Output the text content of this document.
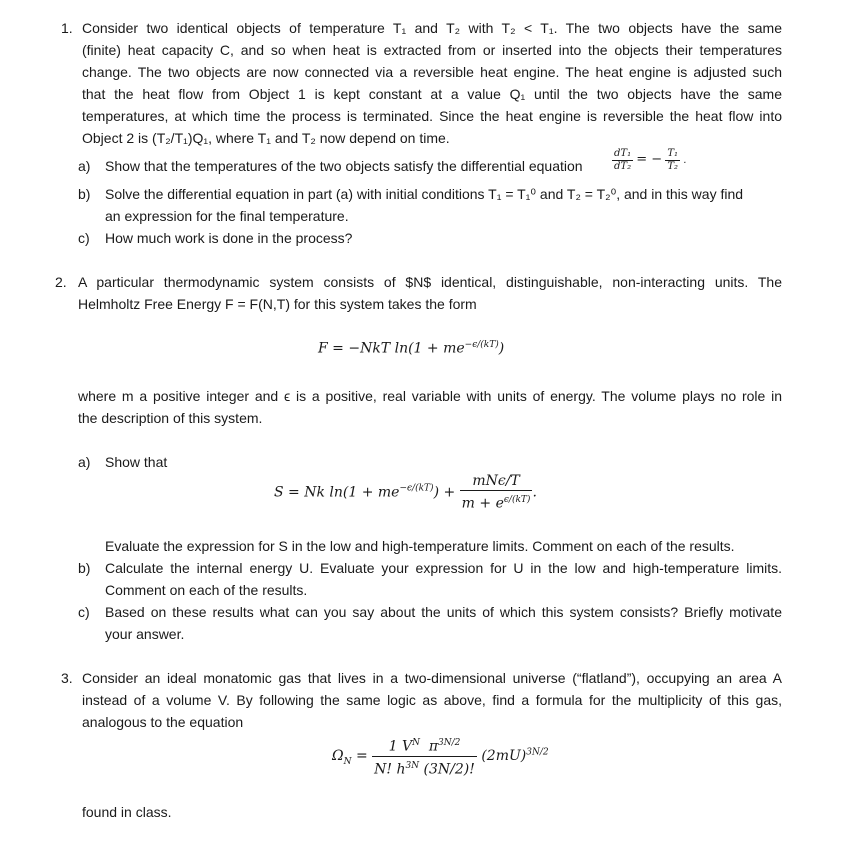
1. Consider two identical objects of temperature T₁ and T₂ with T₂ < T₁. The two objects have the same
(finite) heat capacity C, and so when heat is extracted from or inserted into the objects their temperatures
change. The two objects are now connected via a reversible heat engine. The heat engine is adjusted such
that the heat flow from Object 1 is kept constant at a value Q₁ until the two objects have the same
temperatures, at which time the process is terminated. Since the heat engine is reversible the heat flow into
Object 2 is (T₂/T₁)Q₁, where T₁ and T₂ now depend on time.
a) Show that the temperatures of the two objects satisfy the differential equation	$\frac{\text{dT₁}}{\text{dT₂}}$ = − $\frac{\text{T₁}}{\text{T₂}}$ .
b) Solve the differential equation in part (a) with initial conditions T₁ = T₁⁰ and T₂ = T₂⁰, and in this way find
an expression for the final temperature.
c) How much work is done in the process?
2. A particular thermodynamic system consists of $N$ identical, distinguishable, non-interacting units. The
Helmholtz Free Energy F = F(N,T) for this system takes the form
F = −NkT $\ln(1 + me^{-\epsilon/(kT)})$
where m a positive integer and ϵ is a positive, real variable with units of energy. The volume plays no role in
the description of this system.
a) Show that
S = Nk $\ln(1 + me^{-\epsilon/(kT)}) + \frac{\text{mNϵ/T}}{m + e^{\epsilon/(kT)}}$ .
Evaluate the expression for S in the low and high-temperature limits. Comment on each of the results.
b) Calculate the internal energy U. Evaluate your expression for U in the low and high-temperature limits.
Comment on each of the results.
c) Based on these results what can you say about the units of which this system consists? Briefly motivate
your answer.
3. Consider an ideal monatomic gas that lives in a two-dimensional universe (“flatland”), occupying an area A
instead of a volume V. By following the same logic as above, find a formula for the multiplicity of this gas,
analogous to the equation
$\Omega_N = \frac{1 V^N \pi^{3N/2}}{N! h^{3N} (3N/2)!} (2mU)^{3N/2}$
found in class.
